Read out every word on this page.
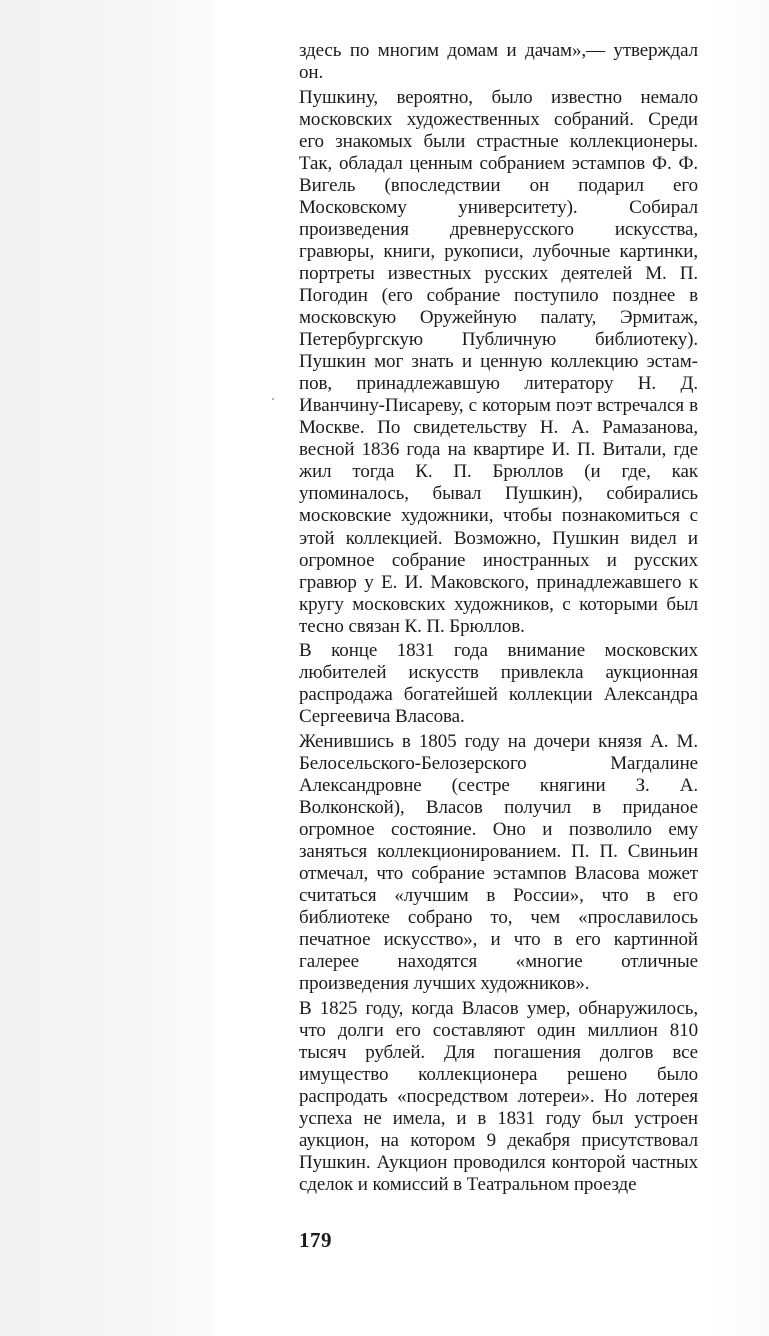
здесь по многим домам и дачам»,— утверждал он.

Пушкину, вероятно, было известно немало московских художественных собраний. Среди его знакомых были страстные коллекционеры. Так, обладал ценным собранием эстампов Ф. Ф. Вигель (впоследствии он подарил его Московскому университету). Собирал произведения древнерусского искусства, гравюры, книги, рукописи, лубочные картинки, портреты известных русских деятелей М. П. Погодин (его собрание поступило позднее в московскую Оружейную палату, Эрмитаж, Петербургскую Публичную библиотеку). Пушкин мог знать и ценную коллекцию эстампов, принадлежавшую литератору Н. Д. Иванчину-Писареву, с которым поэт встречался в Москве. По свидетельству Н. А. Рамазанова, весной 1836 года на квартире И. П. Витали, где жил тогда К. П. Брюллов (и где, как упоминалось, бывал Пушкин), собирались московские художники, чтобы познакомиться с этой коллекцией. Возможно, Пушкин видел и огромное собрание иностранных и русских гравюр у Е. И. Маковского, принадлежавшего к кругу московских художников, с которыми был тесно связан К. П. Брюллов.

В конце 1831 года внимание московских любителей искусств привлекла аукционная распродажа богатейшей коллекции Александра Сергеевича Власова.

Женившись в 1805 году на дочери князя А. М. Белосельского-Белозерского Магдалине Александровне (сестре княгини З. А. Волконской), Власов получил в приданое огромное состояние. Оно и позволило ему заняться коллекционированием. П. П. Свиньин отмечал, что собрание эстампов Власова может считаться «лучшим в России», что в его библиотеке собрано то, чем «прославилось печатное искусство», и что в его картинной галерее находятся «многие отличные произведения лучших художников».

В 1825 году, когда Власов умер, обнаружилось, что долги его составляют один миллион 810 тысяч рублей. Для погашения долгов все имущество коллекционера решено было распродать «посредством лотереи». Но лотерея успеха не имела, и в 1831 году был устроен аукцион, на котором 9 декабря присутствовал Пушкин. Аукцион проводился конторой частных сделок и комиссий в Театральном проезде

179
